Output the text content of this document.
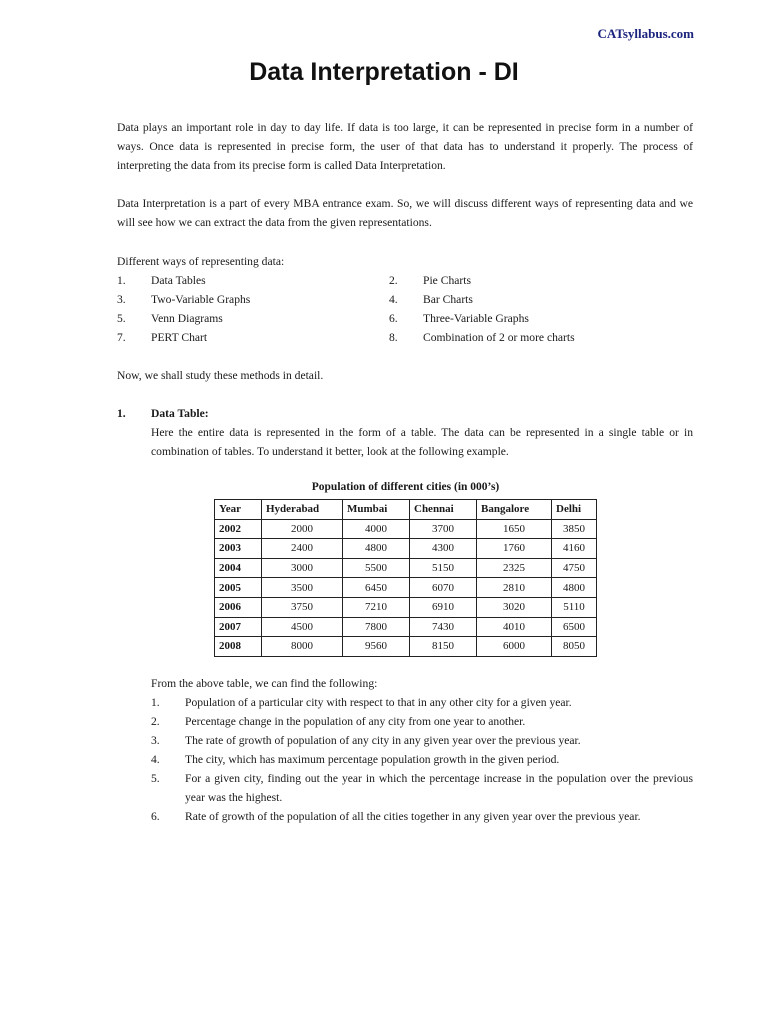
CATsyllabus.com
Data Interpretation - DI
Data plays an important role in day to day life. If data is too large, it can be represented in precise form in a number of ways. Once data is represented in precise form, the user of that data has to understand it properly. The process of interpreting the data from its precise form is called Data Interpretation.
Data Interpretation is a part of every MBA entrance exam. So, we will discuss different ways of representing data and we will see how we can extract the data from the given representations.
Different ways of representing data:
1.	Data Tables	2.	Pie Charts
3.	Two-Variable Graphs	4.	Bar Charts
5.	Venn Diagrams	6.	Three-Variable Graphs
7.	PERT Chart	8.	Combination of 2 or more charts
Now, we shall study these methods in detail.
1.	Data Table:
Here the entire data is represented in the form of a table. The data can be represented in a single table or in combination of tables. To understand it better, look at the following example.
Population of different cities (in 000’s)
Year	Hyderabad	Mumbai	Chennai	Bangalore	Delhi
2002	2000	4000	3700	1650	3850
2003	2400	4800	4300	1760	4160
2004	3000	5500	5150	2325	4750
2005	3500	6450	6070	2810	4800
2006	3750	7210	6910	3020	5110
2007	4500	7800	7430	4010	6500
2008	8000	9560	8150	6000	8050
From the above table, we can find the following:
1.	Population of a particular city with respect to that in any other city for a given year.
2.	Percentage change in the population of any city from one year to another.
3.	The rate of growth of population of any city in any given year over the previous year.
4.	The city, which has maximum percentage population growth in the given period.
5.	For a given city, finding out the year in which the percentage increase in the population over the previous year was the highest.
6.	Rate of growth of the population of all the cities together in any given year over the previous year.
